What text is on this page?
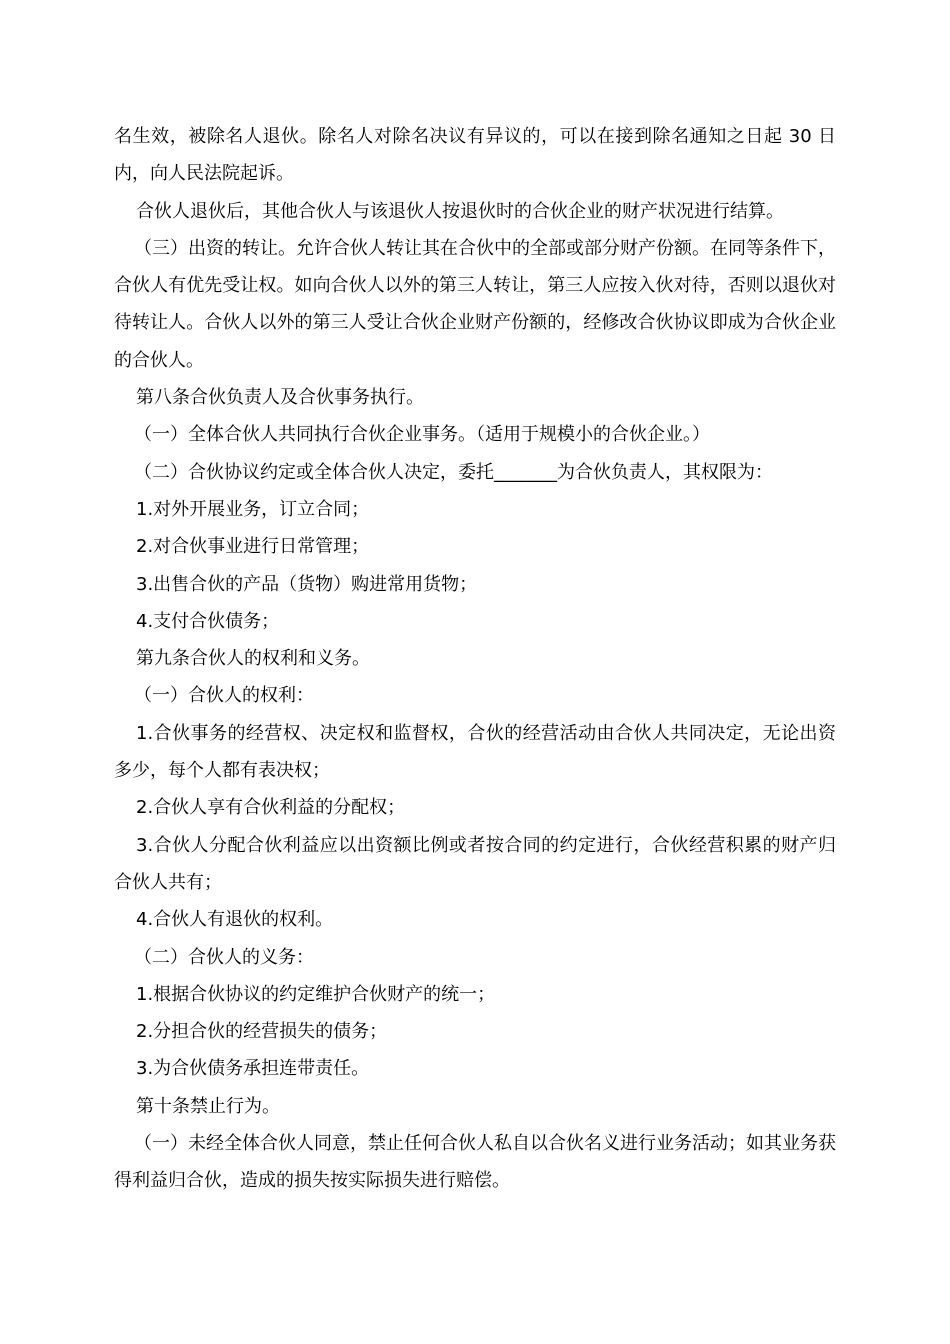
名生效，被除名人退伙。除名人对除名决议有异议的，可以在接到除名通知之日起 30 日内，向人民法院起诉。

合伙人退伙后，其他合伙人与该退伙人按退伙时的合伙企业的财产状况进行结算。

（三）出资的转让。允许合伙人转让其在合伙中的全部或部分财产份额。在同等条件下，合伙人有优先受让权。如向合伙人以外的第三人转让，第三人应按入伙对待，否则以退伙对待转让人。合伙人以外的第三人受让合伙企业财产份额的，经修改合伙协议即成为合伙企业的合伙人。

第八条合伙负责人及合伙事务执行。

（一）全体合伙人共同执行合伙企业事务。（适用于规模小的合伙企业。）

（二）合伙协议约定或全体合伙人决定，委托_______为合伙负责人，其权限为：

1.对外开展业务，订立合同；

2.对合伙事业进行日常管理；

3.出售合伙的产品（货物）购进常用货物；

4.支付合伙债务；

第九条合伙人的权利和义务。

（一）合伙人的权利：

1.合伙事务的经营权、决定权和监督权，合伙的经营活动由合伙人共同决定，无论出资多少，每个人都有表决权；

2.合伙人享有合伙利益的分配权；

3.合伙人分配合伙利益应以出资额比例或者按合同的约定进行，合伙经营积累的财产归合伙人共有；

4.合伙人有退伙的权利。

（二）合伙人的义务：

1.根据合伙协议的约定维护合伙财产的统一；

2.分担合伙的经营损失的债务；

3.为合伙债务承担连带责任。

第十条禁止行为。

（一）未经全体合伙人同意，禁止任何合伙人私自以合伙名义进行业务活动；如其业务获得利益归合伙，造成的损失按实际损失进行赔偿。
